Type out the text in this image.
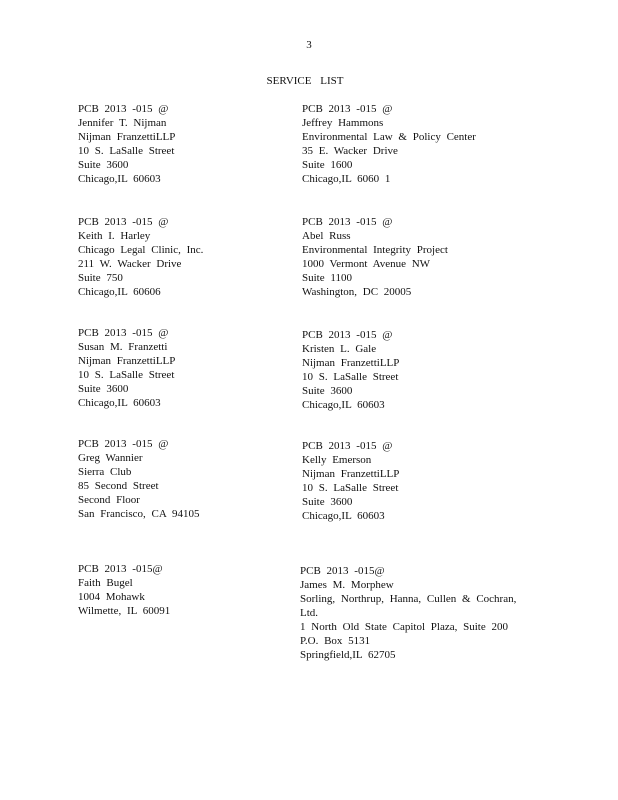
3
SERVICE LIST
PCB 2013 -015 @
Jennifer T. Nijman
Nijman FranzettiLLP
10 S. LaSalle Street
Suite 3600
Chicago,IL 60603
PCB 2013 -015 @
Jeffrey Hammons
Environmental Law & Policy Center
35 E. Wacker Drive
Suite 1600
Chicago,IL 6060 1
PCB 2013 -015 @
Keith I. Harley
Chicago Legal Clinic, Inc.
211 W. Wacker Drive
Suite 750
Chicago,IL 60606
PCB 2013 -015 @
Abel Russ
Environmental Integrity Project
1000 Vermont Avenue NW
Suite 1100
Washington, DC 20005
PCB 2013 -015 @
Susan M. Franzetti
Nijman FranzettiLLP
10 S. LaSalle Street
Suite 3600
Chicago,IL 60603
PCB 2013 -015 @
Kristen L. Gale
Nijman FranzettiLLP
10 S. LaSalle Street
Suite 3600
Chicago,IL 60603
PCB 2013 -015 @
Greg Wannier
Sierra Club
85 Second Street
Second Floor
San Francisco, CA 94105
PCB 2013 -015 @
Kelly Emerson
Nijman FranzettiLLP
10 S. LaSalle Street
Suite 3600
Chicago,IL 60603
PCB 2013 -015@
Faith Bugel
1004 Mohawk
Wilmette, IL 60091
PCB 2013 -015@
James M. Morphew
Sorling, Northrup, Hanna, Cullen & Cochran,
Ltd.
1 North Old State Capitol Plaza, Suite 200
P.O. Box 5131
Springfield,IL 62705
